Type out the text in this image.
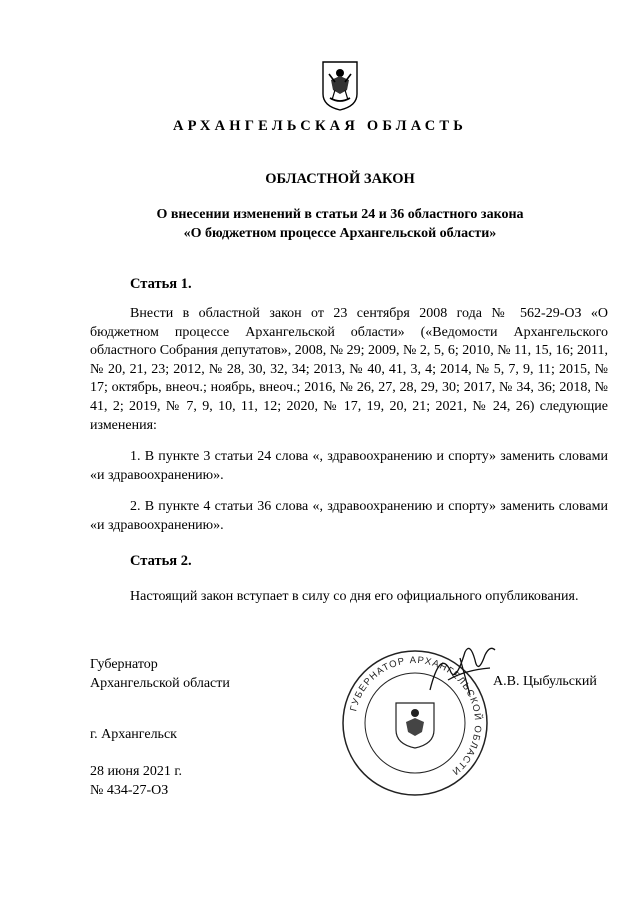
АРХАНГЕЛЬСКАЯ ОБЛАСТЬ
ОБЛАСТНОЙ ЗАКОН
О внесении изменений в статьи 24 и 36 областного закона
«О бюджетном процессе Архангельской области»
Статья 1.

Внести в областной закон от 23 сентября 2008 года № 562-29-ОЗ «О бюджетном процессе Архангельской области» («Ведомости Архангельского областного Собрания депутатов», 2008, № 29; 2009, № 2, 5, 6; 2010, № 11, 15, 16; 2011, № 20, 21, 23; 2012, № 28, 30, 32, 34; 2013, № 40, 41, 3, 4; 2014, № 5, 7, 9, 11; 2015, № 17; октябрь, внеоч.; ноябрь, внеоч.; 2016, № 26, 27, 28, 29, 30; 2017, № 34, 36; 2018, № 41, 2; 2019, № 7, 9, 10, 11, 12; 2020, № 17, 19, 20, 21; 2021, № 24, 26) следующие изменения:

1. В пункте 3 статьи 24 слова «, здравоохранению и спорту» заменить словами «и здравоохранению».

2. В пункте 4 статьи 36 слова «, здравоохранению и спорту» заменить словами «и здравоохранению».

Статья 2.

Настоящий закон вступает в силу со дня его официального опубликования.

Губернатор
Архангельской области
ГУБЕРНАТОР АРХАНГЕЛЬСКОЙ ОБЛАСТИ
А.В. Цыбульский
г. Архангельск
28 июня 2021 г.
№ 434-27-ОЗ
